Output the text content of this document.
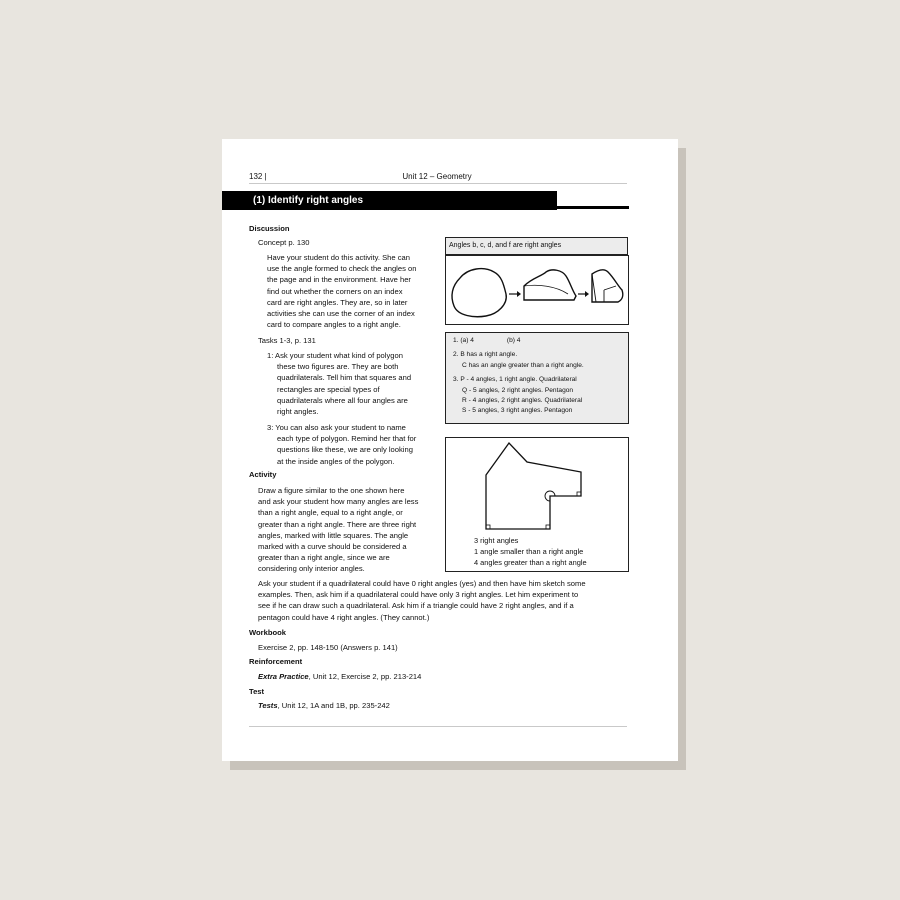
132 |	Unit 12 – Geometry
(1) Identify right angles
Discussion
Concept p. 130
Have your student do this activity. She can
use the angle formed to check the angles on
the page and in the environment. Have her
find out whether the corners on an index
card are right angles. They are, so in later
activities she can use the corner of an index
card to compare angles to a right angle.
Tasks 1-3, p. 131
1: Ask your student what kind of polygon
these two figures are. They are both
quadrilaterals. Tell him that squares and
rectangles are special types of
quadrilaterals where all four angles are
right angles.
3: You can also ask your student to name
each type of polygon. Remind her that for
questions like these, we are only looking
at the inside angles of the polygon.
Activity
Draw a figure similar to the one shown here
and ask your student how many angles are less
than a right angle, equal to a right angle, or
greater than a right angle. There are three right
angles, marked with little squares. The angle
marked with a curve should be considered a
greater than a right angle, since we are
considering only interior angles.
Ask your student if a quadrilateral could have 0 right angles (yes) and then have him sketch some
examples. Then, ask him if a quadrilateral could have only 3 right angles. Let him experiment to
see if he can draw such a quadrilateral. Ask him if a triangle could have 2 right angles, and if a
pentagon could have 4 right angles. (They cannot.)
Workbook
Exercise 2, pp. 148-150 (Answers p. 141)
Reinforcement
Extra Practice, Unit 12, Exercise 2, pp. 213-214
Test
Tests, Unit 12, 1A and 1B, pp. 235-242
Angles b, c, d, and f are right angles
1. (a) 4	(b) 4
2. B has a right angle.
C has an angle greater than a right angle.
3. P - 4 angles, 1 right angle. Quadrilateral
Q - 5 angles, 2 right angles. Pentagon
R - 4 angles, 2 right angles. Quadrilateral
S - 5 angles, 3 right angles. Pentagon
3 right angles
1 angle smaller than a right angle
4 angles greater than a right angle
